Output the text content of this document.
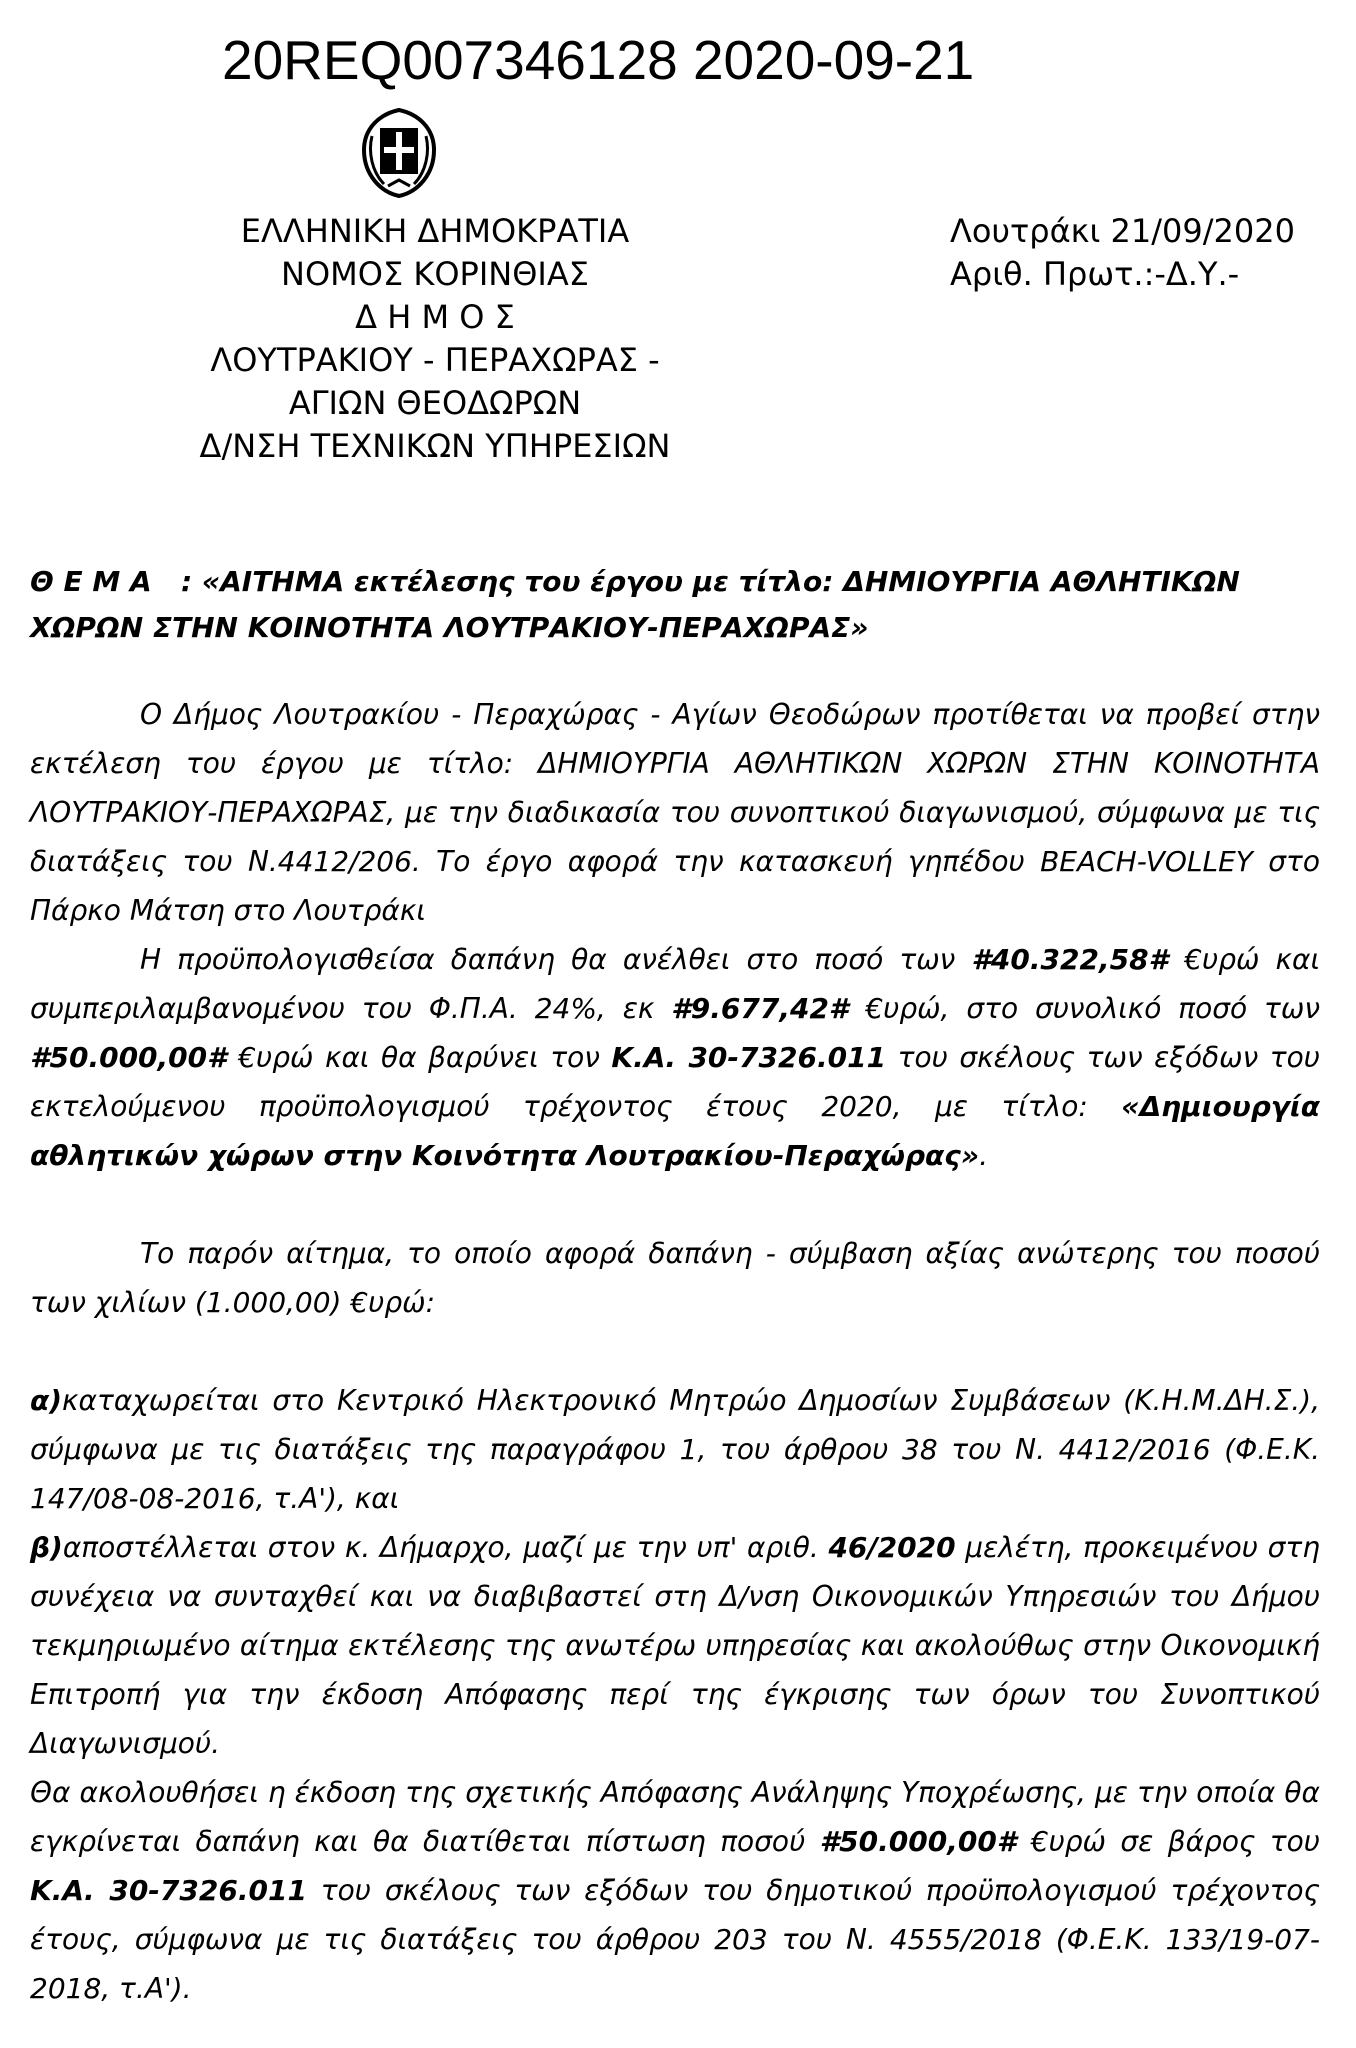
20REQ007346128 2020-09-21
ΕΛΛΗΝΙΚΗ ΔΗΜΟΚΡΑΤΙΑ
ΝΟΜΟΣ ΚΟΡΙΝΘΙΑΣ
Δ Η Μ Ο Σ
ΛΟΥΤΡΑΚΙΟΥ - ΠΕΡΑΧΩΡΑΣ -
ΑΓΙΩΝ ΘΕΟΔΩΡΩΝ
Δ/ΝΣΗ ΤΕΧΝΙΚΩΝ ΥΠΗΡΕΣΙΩΝ
Λουτράκι 21/09/2020
Αριθ. Πρωτ.:-Δ.Υ.-
Θ Ε Μ Α : «ΑΙΤΗΜΑ εκτέλεσης του έργου με τίτλο: ΔΗΜΙΟΥΡΓΙΑ ΑΘΛΗΤΙΚΩΝ ΧΩΡΩΝ ΣΤΗΝ ΚΟΙΝΟΤΗΤΑ ΛΟΥΤΡΑΚΙΟΥ-ΠΕΡΑΧΩΡΑΣ»

Ο Δήμος Λουτρακίου - Περαχώρας - Αγίων Θεοδώρων προτίθεται να προβεί στην εκτέλεση του έργου με τίτλο: ΔΗΜΙΟΥΡΓΙΑ ΑΘΛΗΤΙΚΩΝ ΧΩΡΩΝ ΣΤΗΝ ΚΟΙΝΟΤΗΤΑ ΛΟΥΤΡΑΚΙΟΥ-ΠΕΡΑΧΩΡΑΣ, με την διαδικασία του συνοπτικού διαγωνισμού, σύμφωνα με τις διατάξεις του Ν.4412/206. Το έργο αφορά την κατασκευή γηπέδου BEACH-VOLLEY στο Πάρκο Μάτση στο Λουτράκι

Η προϋπολογισθείσα δαπάνη θα ανέλθει στο ποσό των #40.322,58# €υρώ και συμπεριλαμβανομένου του Φ.Π.Α. 24%, εκ #9.677,42# €υρώ, στο συνολικό ποσό των #50.000,00# €υρώ και θα βαρύνει τον Κ.Α. 30-7326.011 του σκέλους των εξόδων του εκτελούμενου προϋπολογισμού τρέχοντος έτους 2020, με τίτλο: «Δημιουργία αθλητικών χώρων στην Κοινότητα Λουτρακίου-Περαχώρας».

Το παρόν αίτημα, το οποίο αφορά δαπάνη - σύμβαση αξίας ανώτερης του ποσού των χιλίων (1.000,00) €υρώ:

α)καταχωρείται στο Κεντρικό Ηλεκτρονικό Μητρώο Δημοσίων Συμβάσεων (Κ.Η.Μ.ΔΗ.Σ.), σύμφωνα με τις διατάξεις της παραγράφου 1, του άρθρου 38 του Ν. 4412/2016 (Φ.Ε.Κ. 147/08-08-2016, τ.Α'), και

β)αποστέλλεται στον κ. Δήμαρχο, μαζί με την υπ' αριθ. 46/2020 μελέτη, προκειμένου στη συνέχεια να συνταχθεί και να διαβιβαστεί στη Δ/νση Οικονομικών Υπηρεσιών του Δήμου τεκμηριωμένο αίτημα εκτέλεσης της ανωτέρω υπηρεσίας και ακολούθως στην Οικονομική Επιτροπή για την έκδοση Απόφασης περί της έγκρισης των όρων του Συνοπτικού Διαγωνισμού.

Θα ακολουθήσει η έκδοση της σχετικής Απόφασης Ανάληψης Υποχρέωσης, με την οποία θα εγκρίνεται δαπάνη και θα διατίθεται πίστωση ποσού #50.000,00# €υρώ σε βάρος του Κ.Α. 30-7326.011 του σκέλους των εξόδων του δημοτικού προϋπολογισμού τρέχοντος έτους, σύμφωνα με τις διατάξεις του άρθρου 203 του Ν. 4555/2018 (Φ.Ε.Κ. 133/19-07-2018, τ.Α').
